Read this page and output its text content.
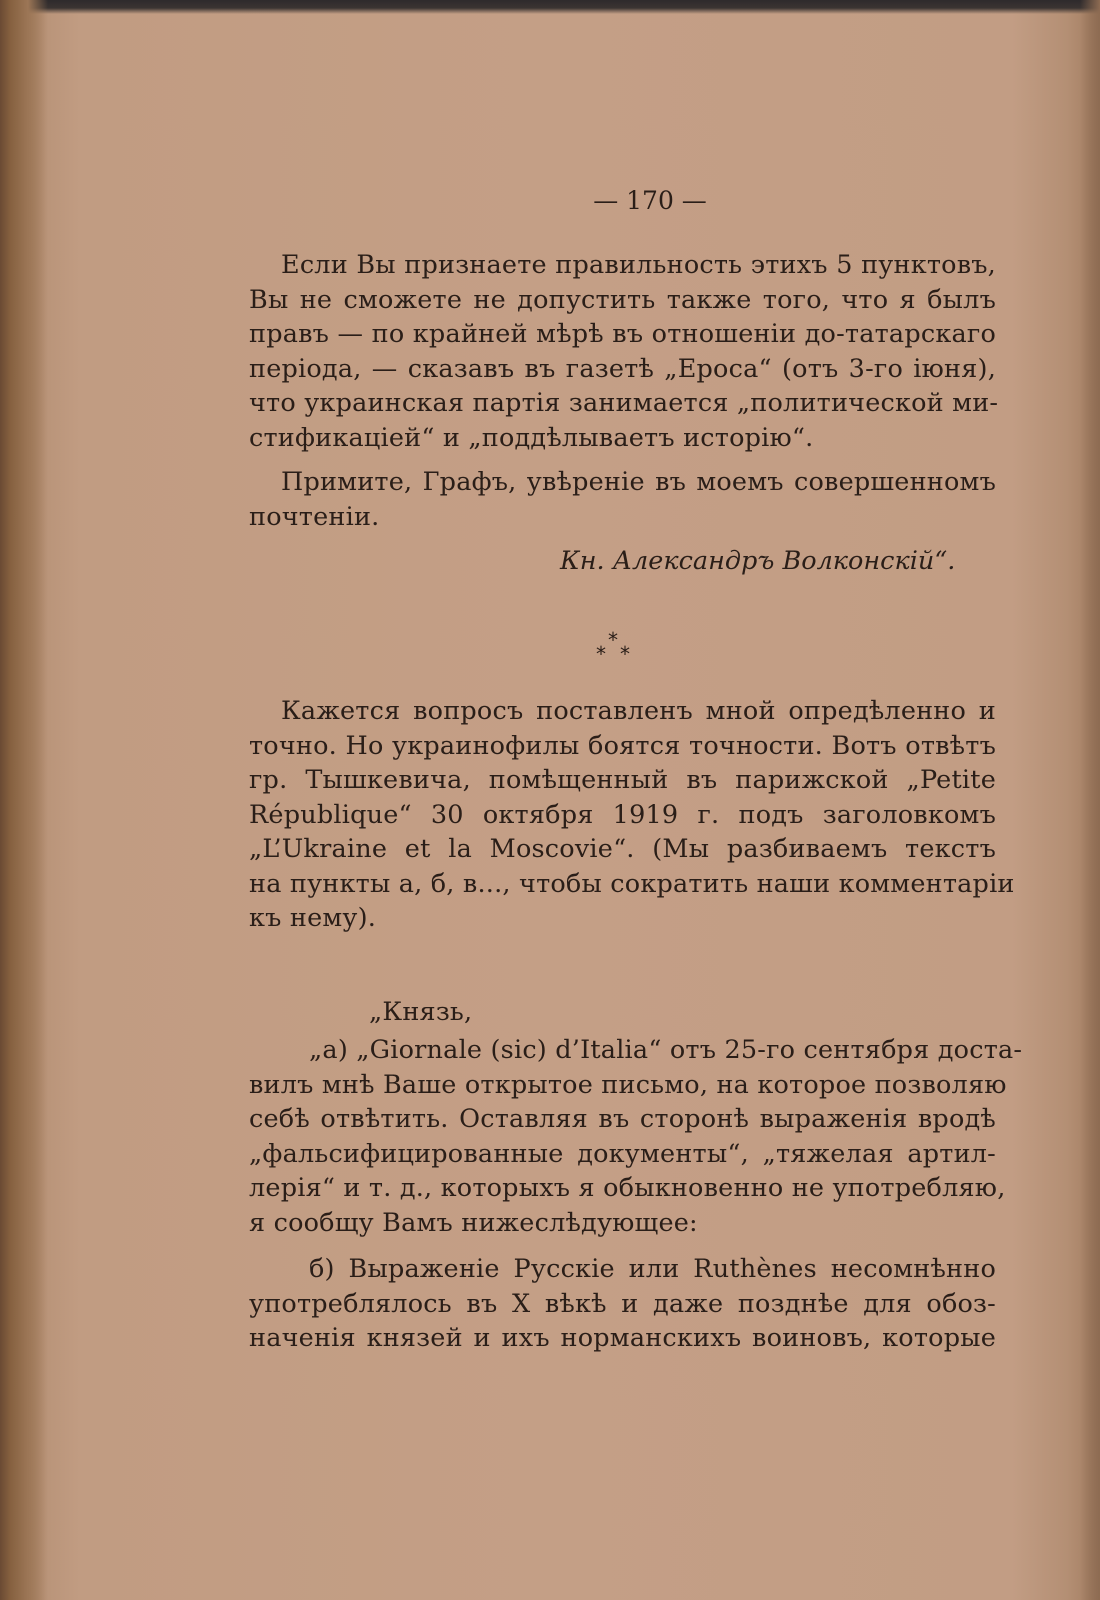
— 170 —
Если Вы признаете правильность этихъ 5 пунктовъ,
Вы не сможете не допустить также того, что я былъ
правъ — по крайней мѣрѣ въ отношенiи до-татарскаго
перiода, — сказавъ въ газетѣ „Ероса“ (отъ 3-го iюня),
что украинская партiя занимается „политической ми-
стификацiей“ и „поддѣлываетъ исторiю“.
Примите, Графъ, увѣренiе въ моемъ совершенномъ
почтенiи.
Кн. Александръ Волконскiй“.
*
* *
Кажется вопросъ поставленъ мной опредѣленно и
точно. Но украинофилы боятся точности. Вотъ отвѣтъ
гр. Тышкевича, помѣщенный въ парижской „Petite
République“ 30 октября 1919 г. подъ заголовкомъ
„L’Ukraine et la Moscovie“. (Мы разбиваемъ текстъ
на пункты а, б, в..., чтобы сократить наши комментарiи
къ нему).
„Князь,
„а) „Giornale (sic) d’Italia“ отъ 25-го сентября доста-
вилъ мнѣ Ваше открытое письмо, на которое позволяю
себѣ отвѣтить. Оставляя въ сторонѣ выраженiя вродѣ
„фальсифицированные документы“, „тяжелая артил-
лерiя“ и т. д., которыхъ я обыкновенно не употребляю,
я сообщу Вамъ нижеслѣдующее:
б) Выраженiе Русскiе или Ruthènes несомнѣнно
употреблялось въ X вѣкѣ и даже позднѣе для обоз-
наченiя князей и ихъ норманскихъ воиновъ, которые
